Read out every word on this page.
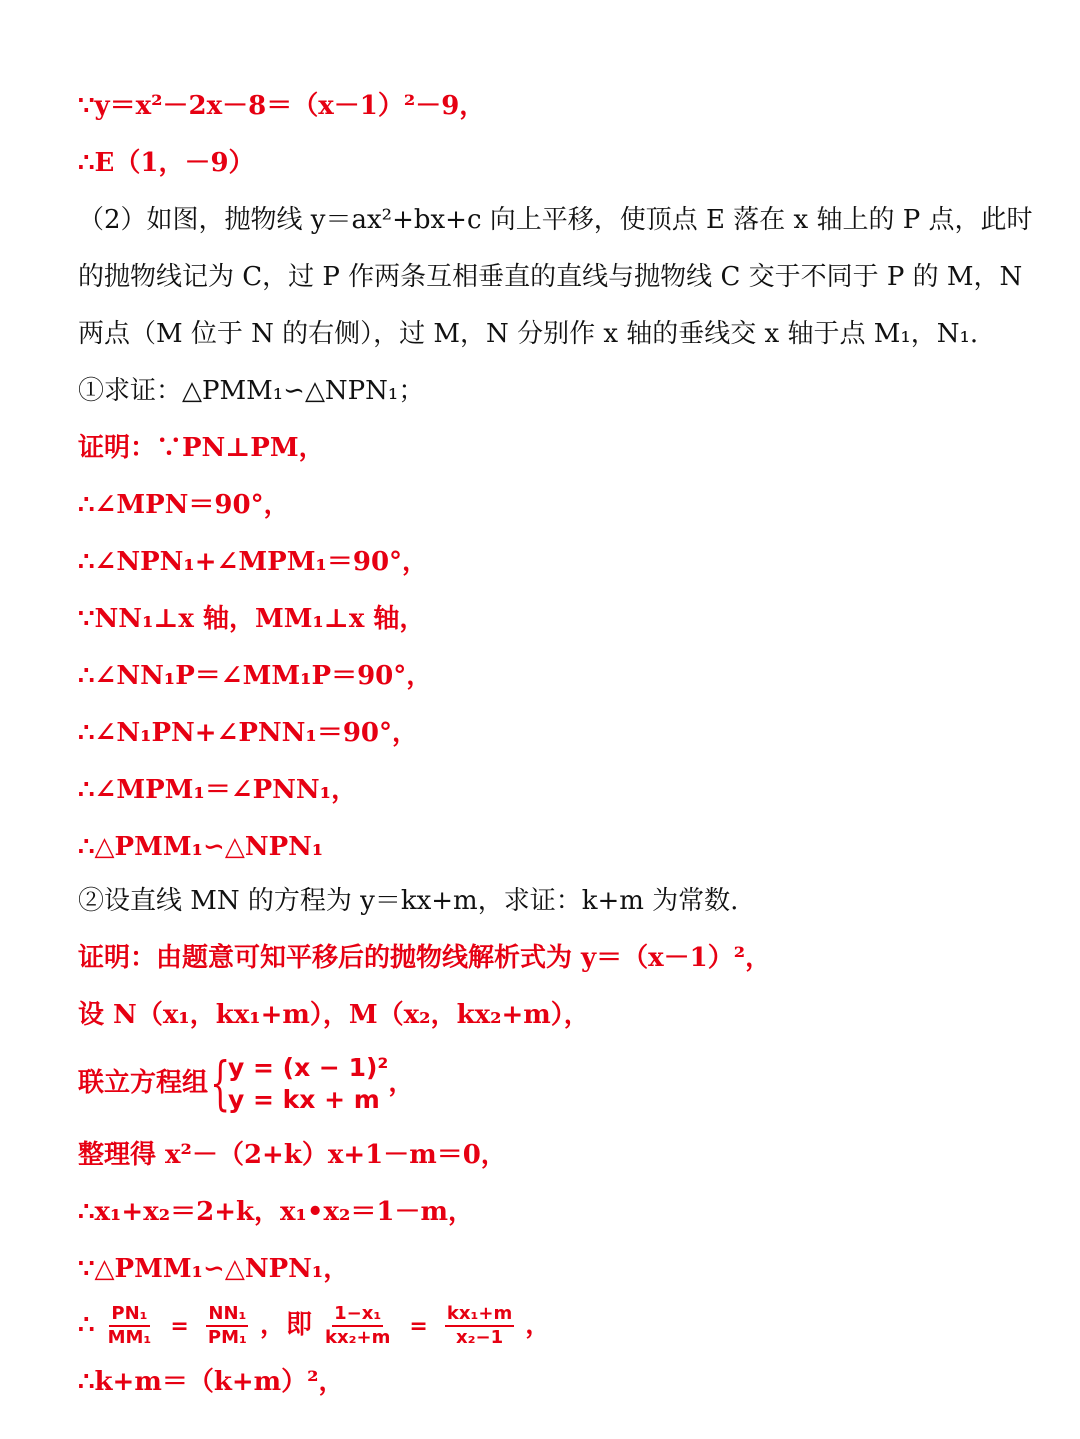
∵y＝x²－2x－8＝（x－1）²－9，
∴E（1，－9）
（2）如图，抛物线 y＝ax²+bx+c 向上平移，使顶点 E 落在 x 轴上的 P 点，此时
的抛物线记为 C，过 P 作两条互相垂直的直线与抛物线 C 交于不同于 P 的 M，N
两点（M 位于 N 的右侧），过 M，N 分别作 x 轴的垂线交 x 轴于点 M₁，N₁.
①求证：△PMM₁∽△NPN₁；
证明：∵PN⊥PM，
∴∠MPN＝90°，
∴∠NPN₁+∠MPM₁＝90°，
∵NN₁⊥x 轴，MM₁⊥x 轴，
∴∠NN₁P＝∠MM₁P＝90°，
∴∠N₁PN+∠PNN₁＝90°，
∴∠MPM₁＝∠PNN₁，
∴△PMM₁∽△NPN₁
②设直线 MN 的方程为 y＝kx+m，求证：k+m 为常数.
证明：由题意可知平移后的抛物线解析式为 y＝（x－1）²，
设 N（x₁，kx₁+m），M（x₂，kx₂+m），
联立方程组 {
y = (x − 1)²
y = kx + m
，
整理得 x²－（2+k）x+1－m＝0，
∴x₁+x₂＝2+k，x₁•x₂＝1－m，
∵△PMM₁∽△NPN₁，
∴ $\frac{\text{PN₁}}{\text{MM₁}} = \frac{\text{NN₁}}{\text{PM₁}}$ ，即 $\frac{\text{1−x₁}}{\text{kx₂+m}} = \frac{\text{kx₁+m}}{\text{x₂−1}}$ ，
∴k+m＝（k+m）²，
